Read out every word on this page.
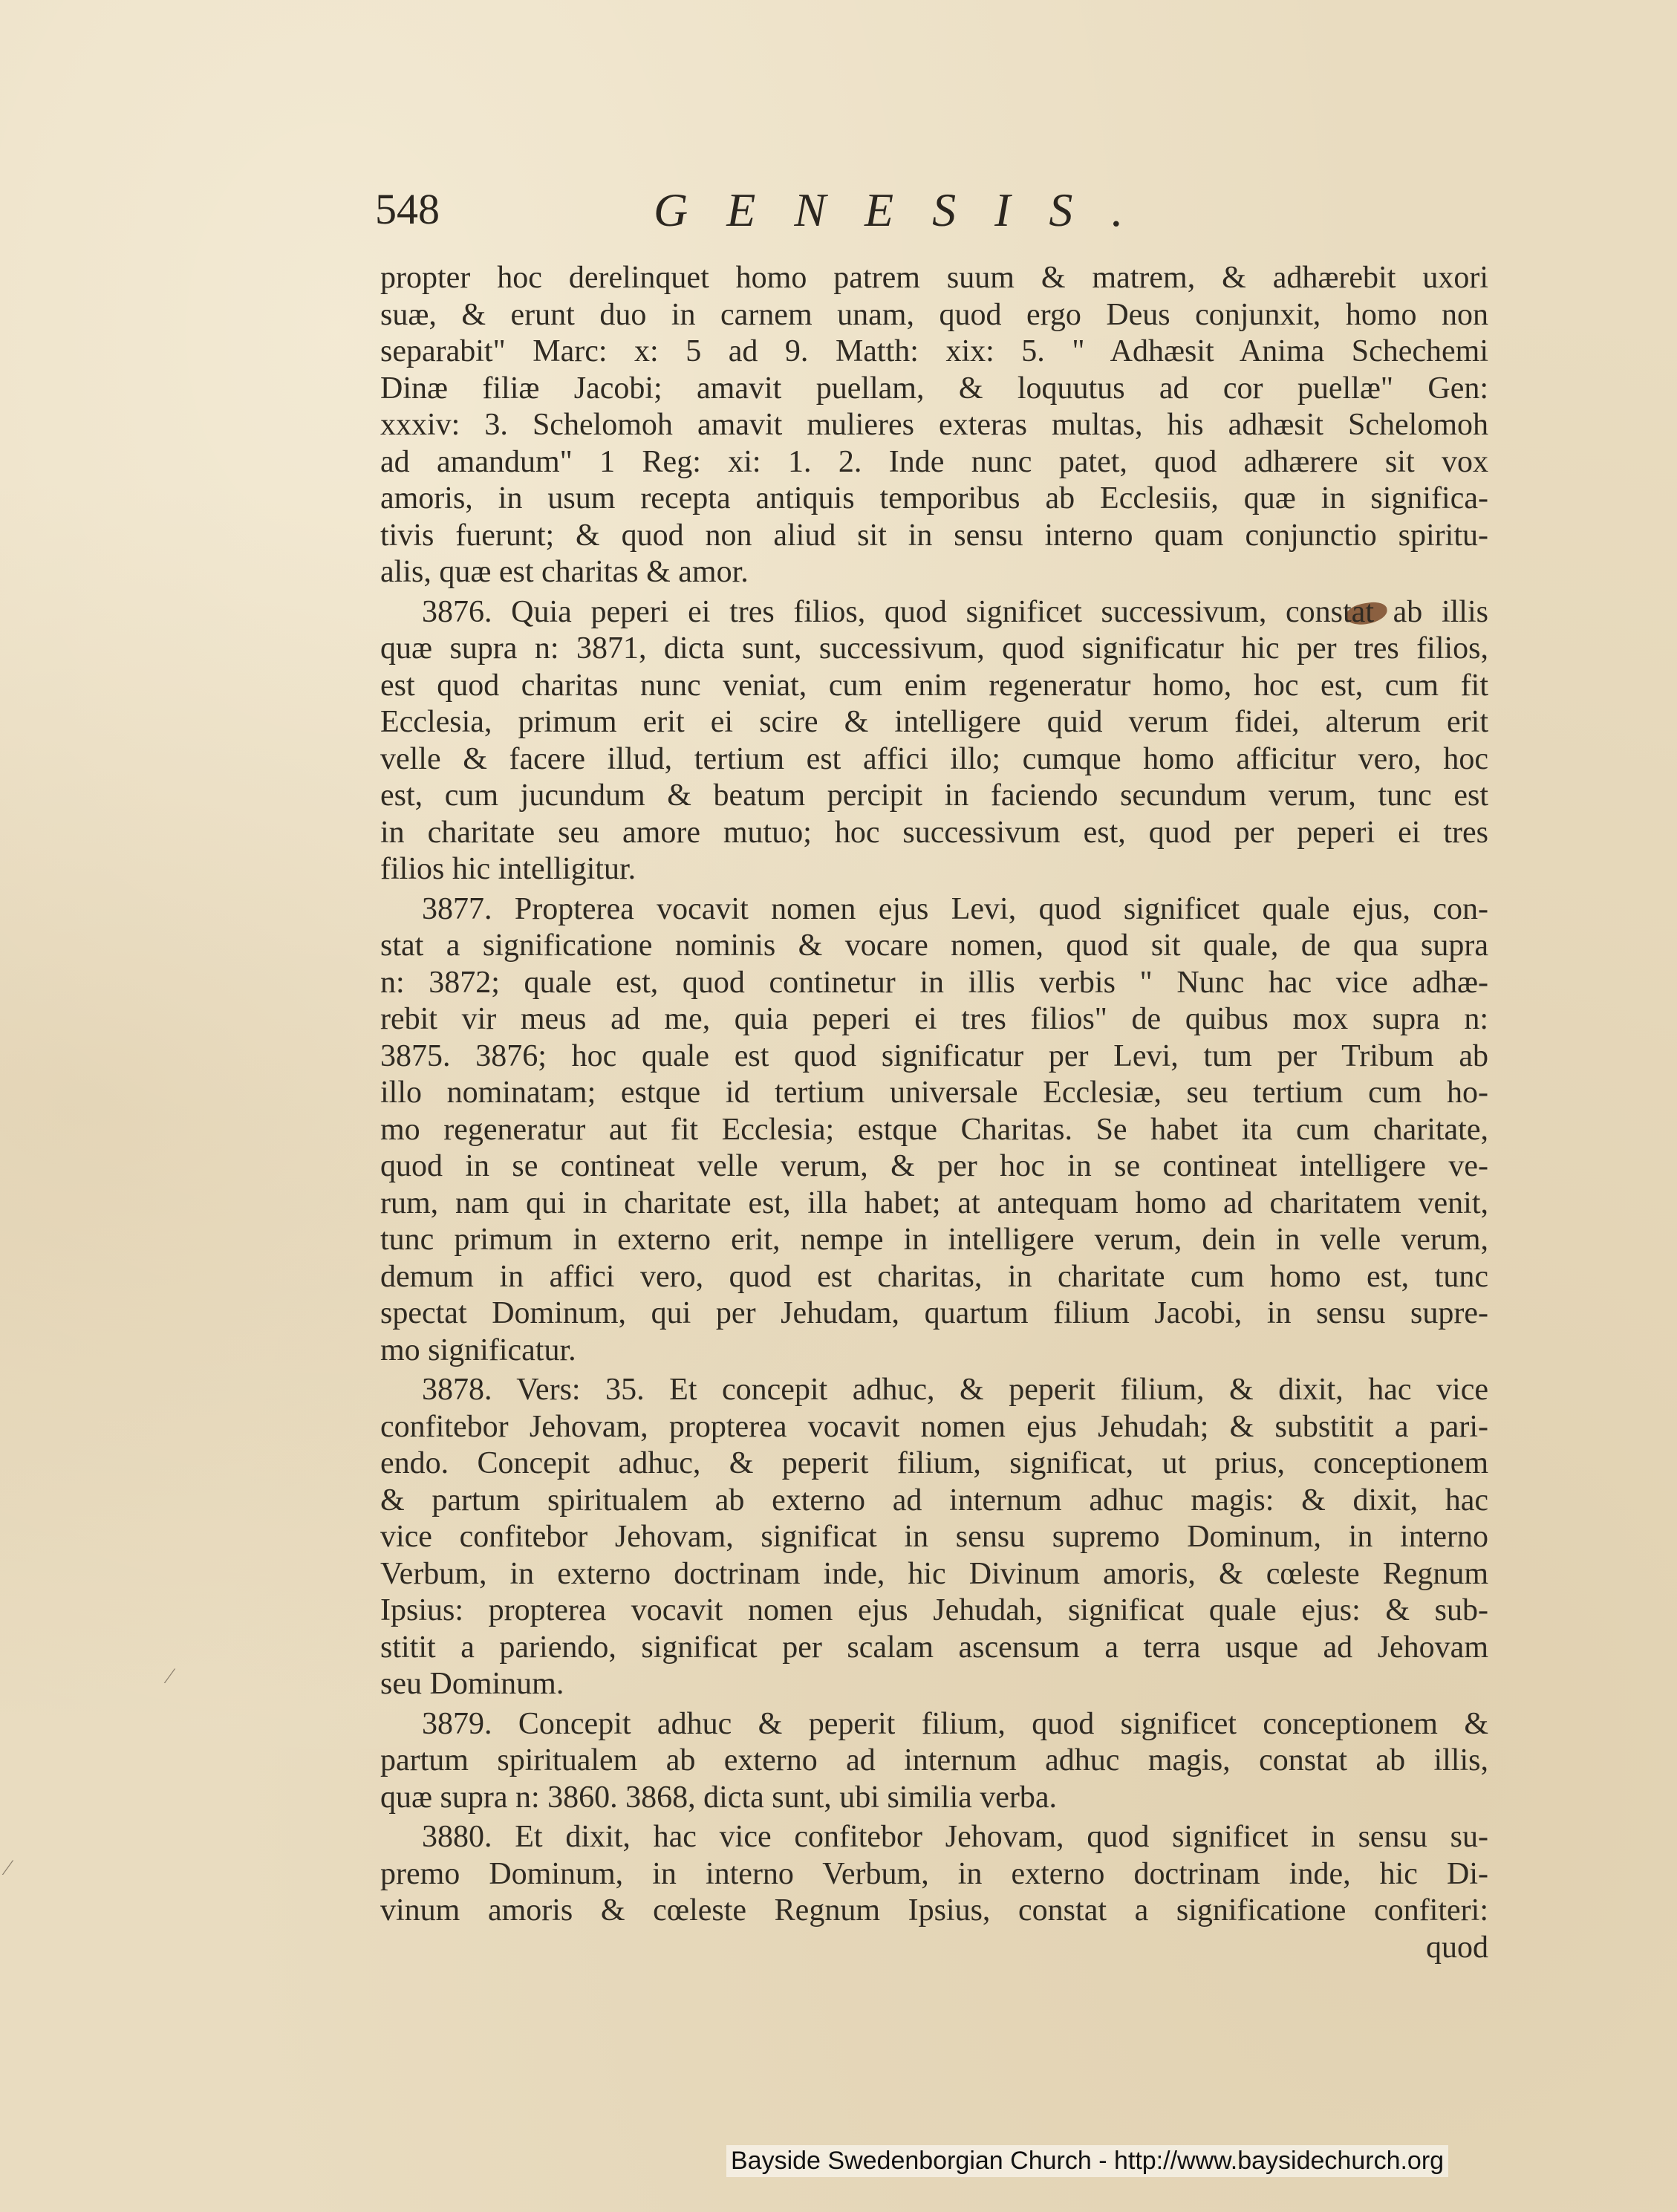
⁄
⁄
548	GENESIS.
propter hoc derelinquet homo patrem suum & matrem, & adhærebit uxori
suæ, & erunt duo in carnem unam, quod ergo Deus conjunxit, homo non
separabit" Marc: x: 5 ad 9. Matth: xix: 5. " Adhæsit Anima Schechemi
Dinæ filiæ Jacobi; amavit puellam, & loquutus ad cor puellæ" Gen:
xxxiv: 3. Schelomoh amavit mulieres exteras multas, his adhæsit Schelomoh
ad amandum" 1 Reg: xi: 1. 2. Inde nunc patet, quod adhærere sit vox
amoris, in usum recepta antiquis temporibus ab Ecclesiis, quæ in significa-
tivis fuerunt; & quod non aliud sit in sensu interno quam conjunctio spiritu-
alis, quæ est charitas & amor.
3876. Quia peperi ei tres filios, quod significet successivum, constat ab illis
quæ supra n: 3871, dicta sunt, successivum, quod significatur hic per tres filios,
est quod charitas nunc veniat, cum enim regeneratur homo, hoc est, cum fit
Ecclesia, primum erit ei scire & intelligere quid verum fidei, alterum erit
velle & facere illud, tertium est affici illo; cumque homo afficitur vero, hoc
est, cum jucundum & beatum percipit in faciendo secundum verum, tunc est
in charitate seu amore mutuo; hoc successivum est, quod per peperi ei tres
filios hic intelligitur.
3877. Propterea vocavit nomen ejus Levi, quod significet quale ejus, con-
stat a significatione nominis & vocare nomen, quod sit quale, de qua supra
n: 3872; quale est, quod continetur in illis verbis " Nunc hac vice adhæ-
rebit vir meus ad me, quia peperi ei tres filios" de quibus mox supra n:
3875. 3876; hoc quale est quod significatur per Levi, tum per Tribum ab
illo nominatam; estque id tertium universale Ecclesiæ, seu tertium cum ho-
mo regeneratur aut fit Ecclesia; estque Charitas. Se habet ita cum charitate,
quod in se contineat velle verum, & per hoc in se contineat intelligere ve-
rum, nam qui in charitate est, illa habet; at antequam homo ad charitatem venit,
tunc primum in externo erit, nempe in intelligere verum, dein in velle verum,
demum in affici vero, quod est charitas, in charitate cum homo est, tunc
spectat Dominum, qui per Jehudam, quartum filium Jacobi, in sensu supre-
mo significatur.
3878. Vers: 35. Et concepit adhuc, & peperit filium, & dixit, hac vice
confitebor Jehovam, propterea vocavit nomen ejus Jehudah; & substitit a pari-
endo. Concepit adhuc, & peperit filium, significat, ut prius, conceptionem
& partum spiritualem ab externo ad internum adhuc magis: & dixit, hac
vice confitebor Jehovam, significat in sensu supremo Dominum, in interno
Verbum, in externo doctrinam inde, hic Divinum amoris, & cœleste Regnum
Ipsius: propterea vocavit nomen ejus Jehudah, significat quale ejus: & sub-
stitit a pariendo, significat per scalam ascensum a terra usque ad Jehovam
seu Dominum.
3879. Concepit adhuc & peperit filium, quod significet conceptionem &
partum spiritualem ab externo ad internum adhuc magis, constat ab illis,
quæ supra n: 3860. 3868, dicta sunt, ubi similia verba.
3880. Et dixit, hac vice confitebor Jehovam, quod significet in sensu su-
premo Dominum, in interno Verbum, in externo doctrinam inde, hic Di-
vinum amoris & cœleste Regnum Ipsius, constat a significatione confiteri:
quod
Bayside Swedenborgian Church - http://www.baysidechurch.org
